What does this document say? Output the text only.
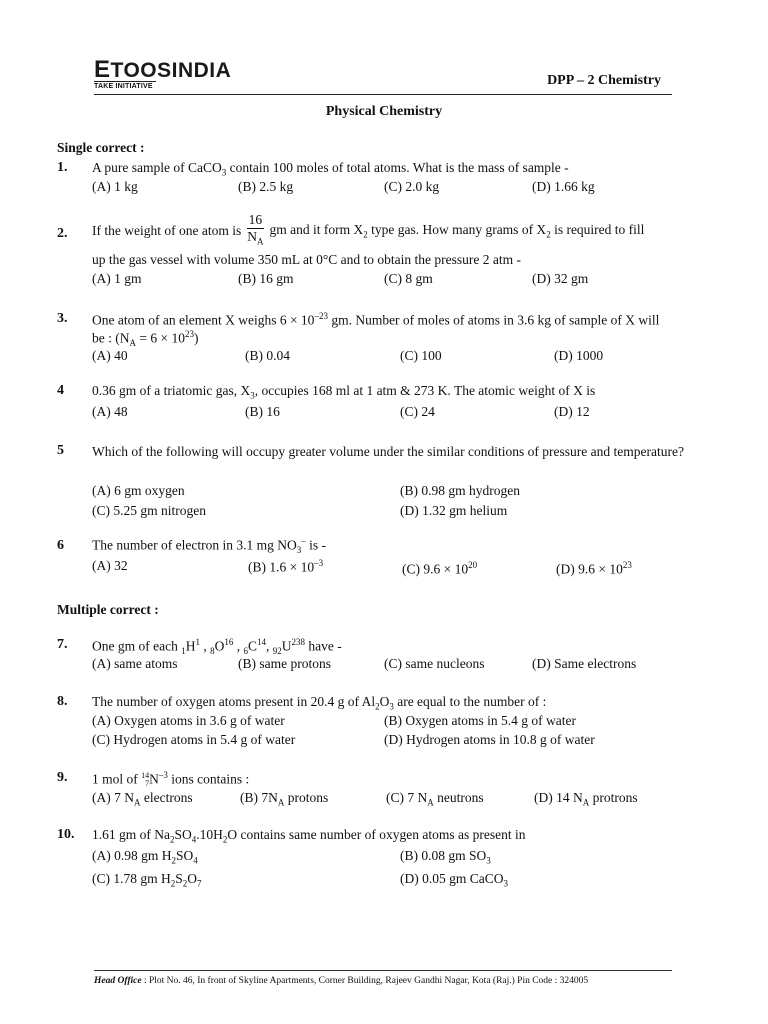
ETOOSINDIA
TAKE INITIATIVE	DPP – 2 Chemistry
Physical Chemistry
Single correct :
1. A pure sample of CaCO$_3$ contain 100 moles of total atoms. What is the mass of sample -
(A) 1 kg	(B) 2.5 kg	(C) 2.0 kg	(D) 1.66 kg
2. If the weight of one atom is $\frac{16}{N_A}$ gm and it form $X_2$ type gas. How many grams of $X_2$ is required to fill
up the gas vessel with volume 350 mL at 0°C and to obtain the pressure 2 atm -
(A) 1 gm	(B) 16 gm	(C) 8 gm	(D) 32 gm
3. One atom of an element X weighs $6 \times 10^{-23}$ gm. Number of moles of atoms in 3.6 kg of sample of X will
be : $(N_A = 6 \times 10^{23})$
(A) 40	(B) 0.04	(C) 100	(D) 1000
4 0.36 gm of a triatomic gas, $X_3$, occupies 168 ml at 1 atm & 273 K. The atomic weight of X is
(A) 48	(B) 16	(C) 24	(D) 12
5 Which of the following will occupy greater volume under the similar conditions of pressure and temperature?
(A) 6 gm oxygen	(B) 0.98 gm hydrogen
(C) 5.25 gm nitrogen	(D) 1.32 gm helium
6 The number of electron in 3.1 mg $NO_3^-$ is -
(A) 32	(B) $1.6 \times 10^{-3}$	(C) $9.6 \times 10^{20}$	(D) $9.6 \times 10^{23}$
Multiple correct :
7. One gm of each $_1H^1$ , $_8O^{16}$ , $_6C^{14}$, $_{92}U^{238}$ have -
(A) same atoms	(B) same protons	(C) same nucleons	(D) Same electrons
8. The number of oxygen atoms present in 20.4 g of $Al_2O_3$ are equal to the number of :
(A) Oxygen atoms in 3.6 g of water	(B) Oxygen atoms in 5.4 g of water
(C) Hydrogen atoms in 5.4 g of water	(D) Hydrogen atoms in 10.8 g of water
9. 1 mol of 14
7 $N^{-3}$ ions contains :
(A) 7 $N_A$ electrons	(B) $7N_A$ protons	(C) 7 $N_A$ neutrons	(D) 14 $N_A$ protrons
10. 1.61 gm of $Na_2SO_4.10H_2O$ contains same number of oxygen atoms as present in
(A) 0.98 gm $H_2SO_4$	(B) 0.08 gm $SO_3$
(C) 1.78 gm $H_2S_2O_7$	(D) 0.05 gm CaCO$_3$
Head Office : Plot No. 46, In front of Skyline Apartments, Corner Building, Rajeev Gandhi Nagar, Kota (Raj.) Pin Code : 324005
